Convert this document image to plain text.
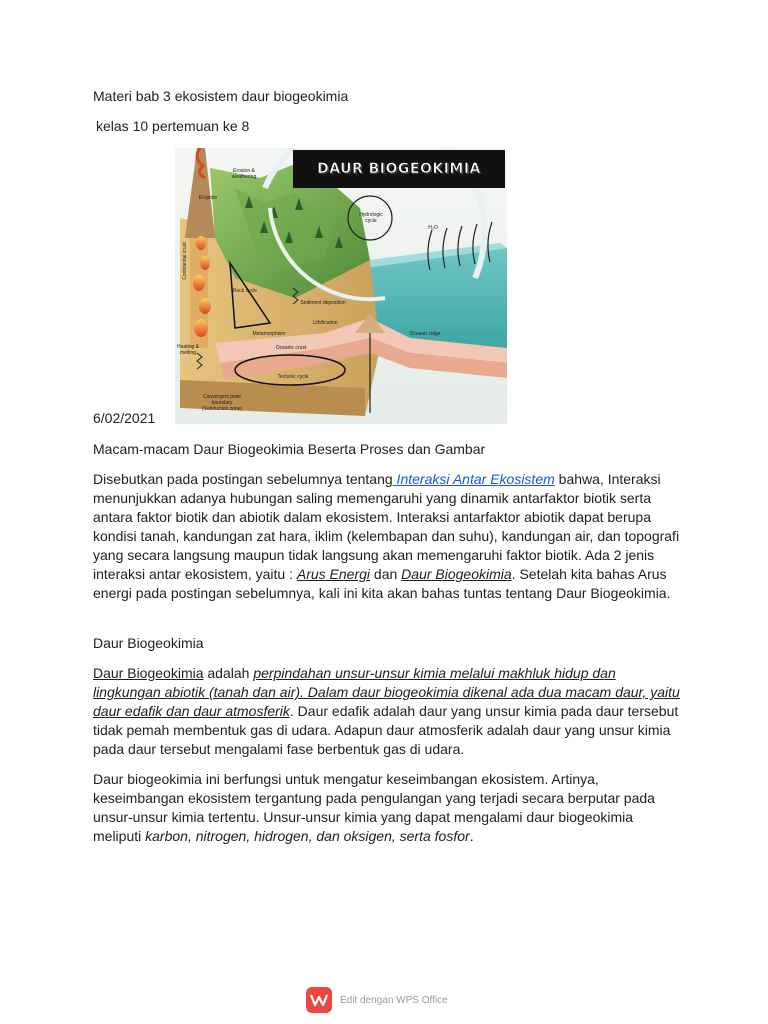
Materi bab 3 ekosistem daur biogeokimia
kelas 10 pertemuan ke 8
DAUR BIOGEOKIMIA
Erosion & weathering
Eruption
Hydrologic cycle
H₂O
Continental crust
Rock cycle
Sediment deposition
Lithification
Oceanic ridge
Metamorphism
Oceanic crust
Heating & melting
Tectonic cycle
Convergent plate boundary (Subduction zone)
6/02/2021
Macam-macam Daur Biogeokimia Beserta Proses dan Gambar

Disebutkan pada postingan sebelumnya tentang Interaksi Antar Ekosistem bahwa, Interaksi menunjukkan adanya hubungan saling memengaruhi yang dinamik antarfaktor biotik serta antara faktor biotik dan abiotik dalam ekosistem. Interaksi antarfaktor abiotik dapat berupa kondisi tanah, kandungan zat hara, iklim (kelembapan dan suhu), kandungan air, dan topografi yang secara langsung maupun tidak langsung akan memengaruhi faktor biotik. Ada 2 jenis interaksi antar ekosistem, yaitu : Arus Energi dan Daur Biogeokimia. Setelah kita bahas Arus energi pada postingan sebelumnya, kali ini kita akan bahas tuntas tentang Daur Biogeokimia.

Daur Biogeokimia

Daur Biogeokimia adalah perpindahan unsur-unsur kimia melalui makhluk hidup dan lingkungan abiotik (tanah dan air). Dalam daur biogeokimia dikenal ada dua macam daur, yaitu daur edafik dan daur atmosferik. Daur edafik adalah daur yang unsur kimia pada daur tersebut tidak pemah membentuk gas di udara. Adapun daur atmosferik adalah daur yang unsur kimia pada daur tersebut mengalami fase berbentuk gas di udara.

Daur biogeokimia ini berfungsi untuk mengatur keseimbangan ekosistem. Artinya, keseimbangan ekosistem tergantung pada pengulangan yang terjadi secara berputar pada unsur-unsur kimia tertentu. Unsur-unsur kimia yang dapat mengalami daur biogeokimia meliputi karbon, nitrogen, hidrogen, dan oksigen, serta fosfor.

Edit dengan WPS Office
